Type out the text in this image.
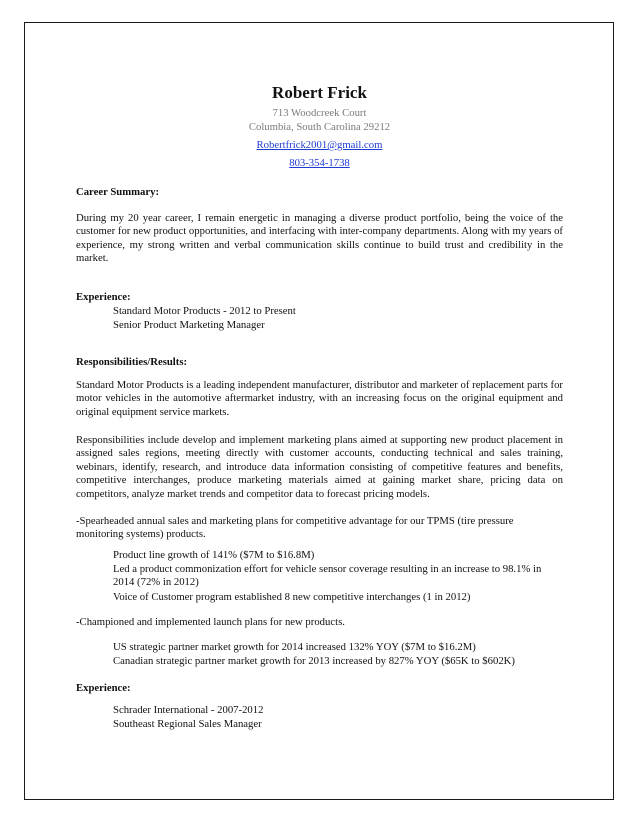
Robert Frick
713 Woodcreek Court
Columbia, South Carolina 29212
Robertfrick2001@gmail.com
803-354-1738
Career Summary:
During my 20 year career, I remain energetic in managing a diverse product portfolio, being the voice of the customer for new product opportunities, and interfacing with inter-company departments. Along with my years of experience, my strong written and verbal communication skills continue to build trust and credibility in the market.
Experience:
Standard Motor Products - 2012 to Present
Senior Product Marketing Manager
Responsibilities/Results:
Standard Motor Products is a leading independent manufacturer, distributor and marketer of replacement parts for motor vehicles in the automotive aftermarket industry, with an increasing focus on the original equipment and original equipment service markets.
Responsibilities include develop and implement marketing plans aimed at supporting new product placement in assigned sales regions, meeting directly with customer accounts, conducting technical and sales training, webinars, identify, research, and introduce data information consisting of competitive features and benefits, competitive interchanges, produce marketing materials aimed at gaining market share, pricing data on competitors, analyze market trends and competitor data to forecast pricing models.
-Spearheaded annual sales and marketing plans for competitive advantage for our TPMS (tire pressure monitoring systems) products.
Product line growth of 141% ($7M to $16.8M)
Led a product commonization effort for vehicle sensor coverage resulting in an increase to 98.1% in 2014 (72% in 2012)
Voice of Customer program established 8 new competitive interchanges (1 in 2012)
-Championed and implemented launch plans for new products.
US strategic partner market growth for 2014 increased 132% YOY ($7M to $16.2M)
Canadian strategic partner market growth for 2013 increased by 827% YOY ($65K to $602K)
Experience:
Schrader International - 2007-2012
Southeast Regional Sales Manager
